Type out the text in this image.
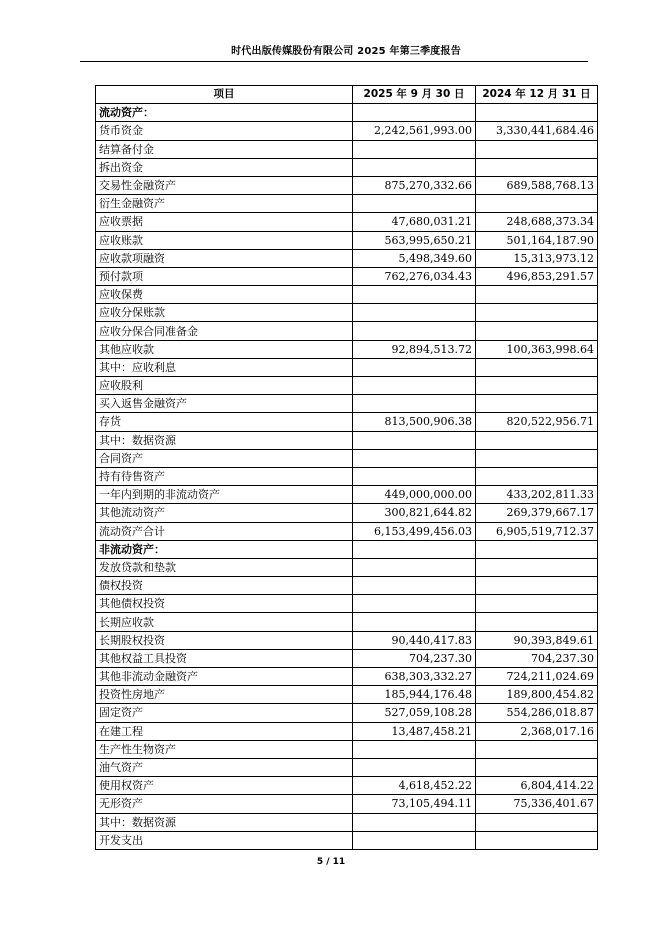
时代出版传媒股份有限公司 2025 年第三季度报告
项目	2025 年 9 月 30 日	2024 年 12 月 31 日
流动资产：		
货币资金	2,242,561,993.00	3,330,441,684.46
结算备付金		
拆出资金		
交易性金融资产	875,270,332.66	689,588,768.13
衍生金融资产		
应收票据	47,680,031.21	248,688,373.34
应收账款	563,995,650.21	501,164,187.90
应收款项融资	5,498,349.60	15,313,973.12
预付款项	762,276,034.43	496,853,291.57
应收保费		
应收分保账款		
应收分保合同准备金		
其他应收款	92,894,513.72	100,363,998.64
其中：应收利息		
应收股利		
买入返售金融资产		
存货	813,500,906.38	820,522,956.71
其中：数据资源		
合同资产		
持有待售资产		
一年内到期的非流动资产	449,000,000.00	433,202,811.33
其他流动资产	300,821,644.82	269,379,667.17
流动资产合计	6,153,499,456.03	6,905,519,712.37
非流动资产：		
发放贷款和垫款		
债权投资		
其他债权投资		
长期应收款		
长期股权投资	90,440,417.83	90,393,849.61
其他权益工具投资	704,237.30	704,237.30
其他非流动金融资产	638,303,332.27	724,211,024.69
投资性房地产	185,944,176.48	189,800,454.82
固定资产	527,059,108.28	554,286,018.87
在建工程	13,487,458.21	2,368,017.16
生产性生物资产		
油气资产		
使用权资产	4,618,452.22	6,804,414.22
无形资产	73,105,494.11	75,336,401.67
其中：数据资源		
开发支出		
5 / 11
